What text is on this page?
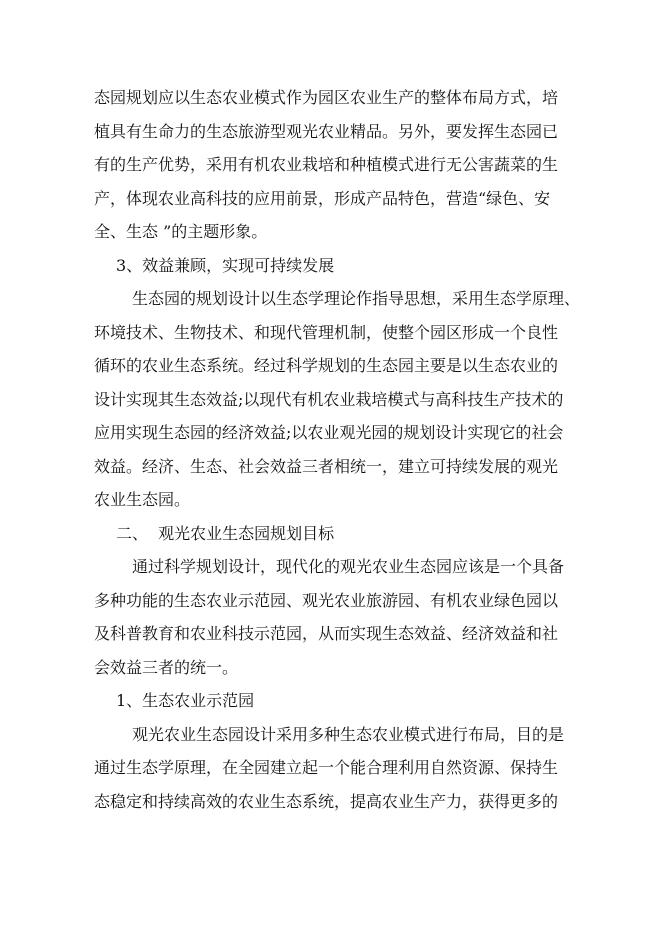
态园规划应以生态农业模式作为园区农业生产的整体布局方式，培
植具有生命力的生态旅游型观光农业精品。另外，要发挥生态园已
有的生产优势，采用有机农业栽培和种植模式进行无公害蔬菜的生
产，体现农业高科技的应用前景，形成产品特色，营造“绿色、安
全、生态 ”的主题形象。
3、效益兼顾，实现可持续发展
生态园的规划设计以生态学理论作指导思想，采用生态学原理、
环境技术、生物技术、和现代管理机制，使整个园区形成一个良性
循环的农业生态系统。经过科学规划的生态园主要是以生态农业的
设计实现其生态效益;以现代有机农业栽培模式与高科技生产技术的
应用实现生态园的经济效益;以农业观光园的规划设计实现它的社会
效益。经济、生态、社会效益三者相统一，建立可持续发展的观光
农业生态园。
二、  观光农业生态园规划目标
通过科学规划设计，现代化的观光农业生态园应该是一个具备
多种功能的生态农业示范园、观光农业旅游园、有机农业绿色园以
及科普教育和农业科技示范园，从而实现生态效益、经济效益和社
会效益三者的统一。
1、生态农业示范园
观光农业生态园设计采用多种生态农业模式进行布局，目的是
通过生态学原理，在全园建立起一个能合理利用自然资源、保持生
态稳定和持续高效的农业生态系统，提高农业生产力，获得更多的
